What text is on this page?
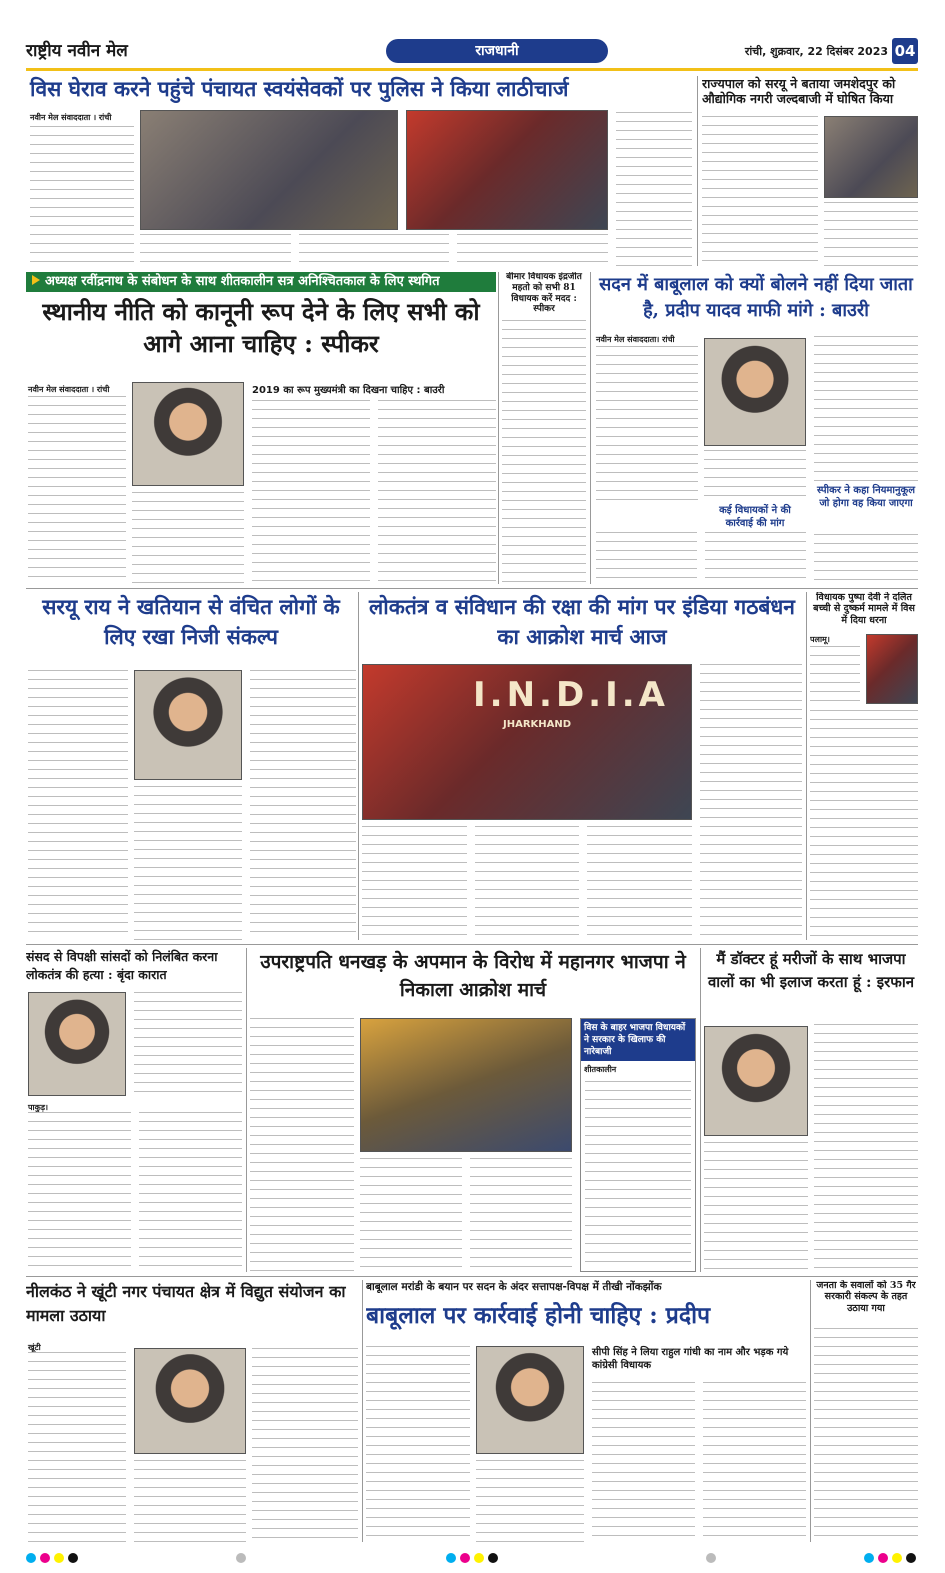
राष्ट्रीय नवीन मेल	राजधानी	रांची, शुक्रवार, 22 दिसंबर 2023 04
विस घेराव करने पहुंचे पंचायत स्वयंसेवकों पर पुलिस ने किया लाठीचार्ज
नवीन मेल संवाददाता । रांची
राज्यपाल को सरयू ने बताया जमशेदपुर को औद्योगिक नगरी जल्दबाजी में घोषित किया
अध्यक्ष रवींद्रनाथ के संबोधन के साथ शीतकालीन सत्र अनिश्चितकाल के लिए स्थगित
स्थानीय नीति को कानूनी रूप देने के लिए सभी को आगे आना चाहिए : स्पीकर
नवीन मेल संवाददाता । रांची	2019 का रूप मुख्यमंत्री का दिखना चाहिए : बाउरी
बीमार विधायक इंद्रजीत महतो को सभी 81 विधायक करें मदद : स्पीकर
सदन में बाबूलाल को क्यों बोलने नहीं दिया जाता है, प्रदीप यादव माफी मांगे : बाउरी
नवीन मेल संवाददाता। रांची
कई विधायकों ने की कार्रवाई की मांग
स्पीकर ने कहा नियमानुकूल जो होगा वह किया जाएगा
सरयू राय ने खतियान से वंचित लोगों के लिए रखा निजी संकल्प
लोकतंत्र व संविधान की रक्षा की मांग पर इंडिया गठबंधन का आक्रोश मार्च आज
I.N.D.I.A
JHARKHAND
विधायक पुष्पा देवी ने दलित बच्ची से दुष्कर्म मामले में विस में दिया धरना
पलामू।
संसद से विपक्षी सांसदों को निलंबित करना लोकतंत्र की हत्या : बृंदा कारात
पाकुड़।
उपराष्ट्रपति धनखड़ के अपमान के विरोध में महानगर भाजपा ने निकाला आक्रोश मार्च
विस के बाहर भाजपा विधायकों ने सरकार के खिलाफ की नारेबाजी
शीतकालीन
मैं डॉक्टर हूं मरीजों के साथ भाजपा वालों का भी इलाज करता हूं : इरफान
नीलकंठ ने खूंटी नगर पंचायत क्षेत्र में विद्युत संयोजन का मामला उठाया
खूंटी
बाबूलाल मरांडी के बयान पर सदन के अंदर सत्तापक्ष-विपक्ष में तीखी नोंकझोंक
बाबूलाल पर कार्रवाई होनी चाहिए : प्रदीप
सीपी सिंह ने लिया राहुल गांधी का नाम और भड़क गये कांग्रेसी विधायक
जनता के सवालों को 35 गैर सरकारी संकल्प के तहत उठाया गया
